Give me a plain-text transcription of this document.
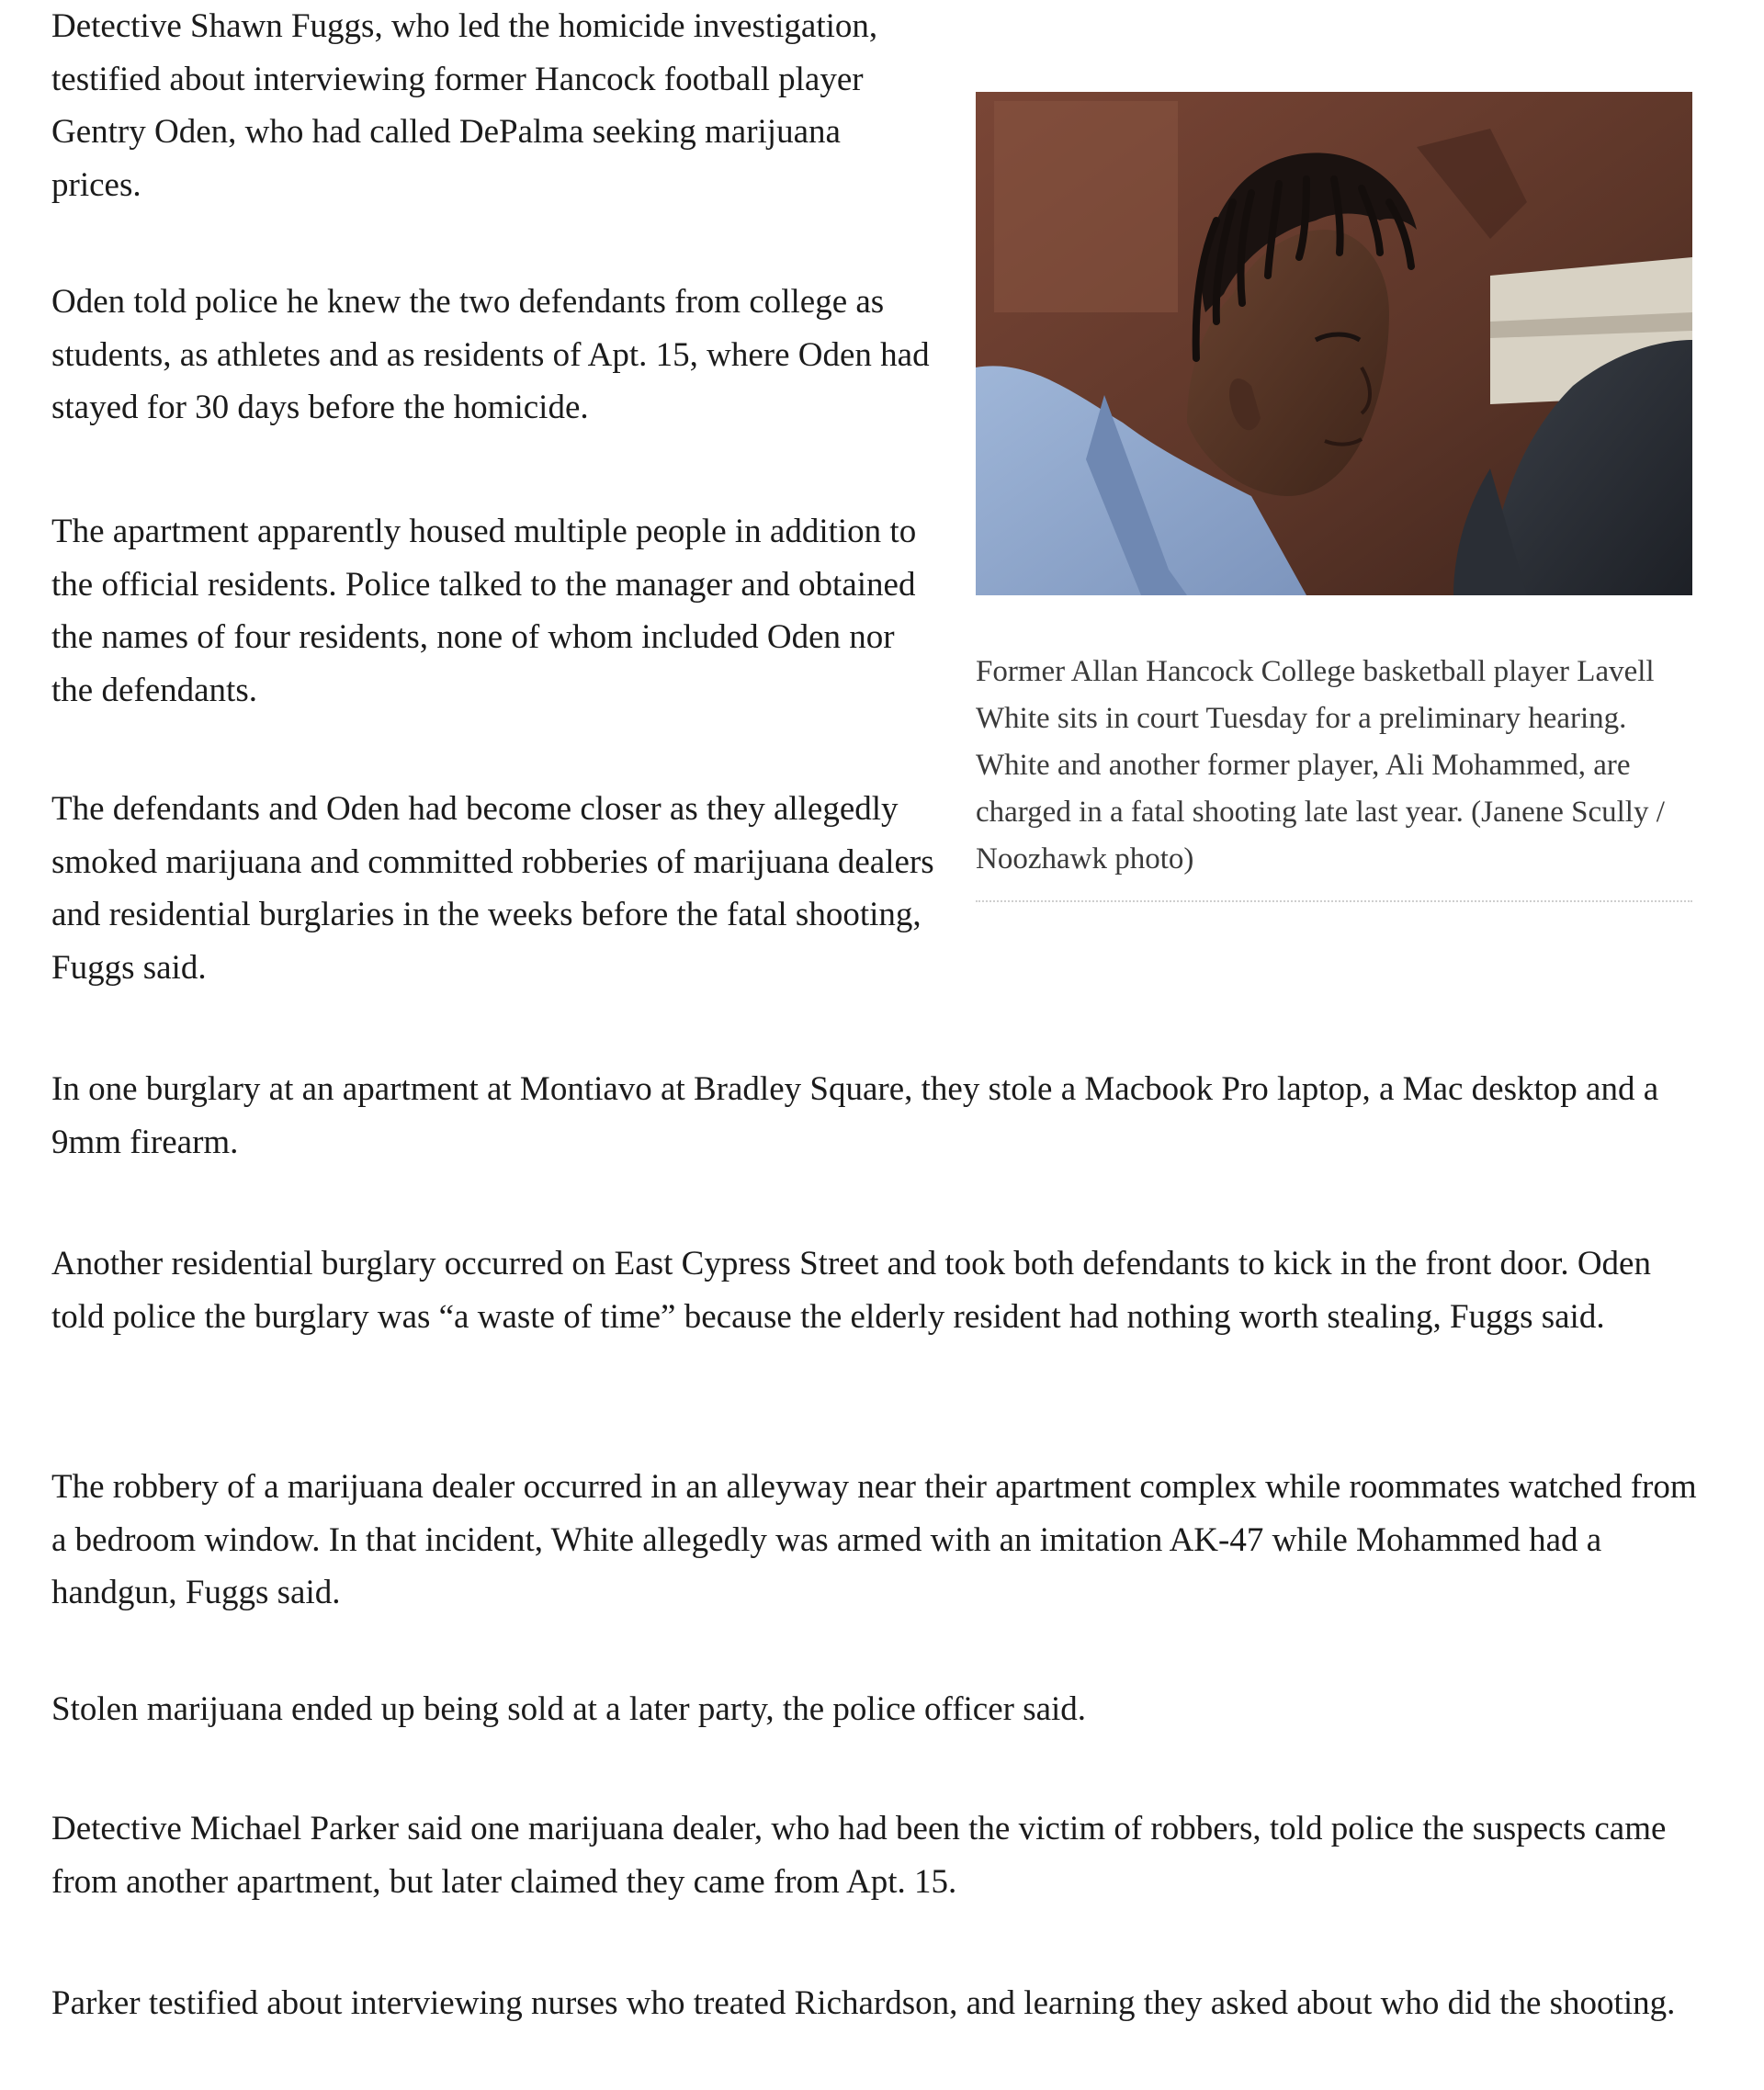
Detective Shawn Fuggs, who led the homicide investigation, testified about interviewing former Hancock football player Gentry Oden, who had called DePalma seeking marijuana prices.

Oden told police he knew the two defendants from college as students, as athletes and as residents of Apt. 15, where Oden had stayed for 30 days before the homicide.

The apartment apparently housed multiple people in addition to the official residents. Police talked to the manager and obtained the names of four residents, none of whom included Oden nor the defendants.

The defendants and Oden had become closer as they allegedly smoked marijuana and committed robberies of marijuana dealers and residential burglaries in the weeks before the fatal shooting, Fuggs said.

In one burglary at an apartment at Montiavo at Bradley Square, they stole a Macbook Pro laptop, a Mac desktop and a 9mm firearm.

Another residential burglary occurred on East Cypress Street and took both defendants to kick in the front door. Oden told police the burglary was “a waste of time” because the elderly resident had nothing worth stealing, Fuggs said.

The robbery of a marijuana dealer occurred in an alleyway near their apartment complex while roommates watched from a bedroom window. In that incident, White allegedly was armed with an imitation AK-47 while Mohammed had a handgun, Fuggs said.

Stolen marijuana ended up being sold at a later party, the police officer said.

Detective Michael Parker said one marijuana dealer, who had been the victim of robbers, told police the suspects came from another apartment, but later claimed they came from Apt. 15.

Parker testified about interviewing nurses who treated Richardson, and learning they asked about who did the shooting.

Former Allan Hancock College basketball player Lavell White sits in court Tuesday for a preliminary hearing. White and another former player, Ali Mohammed, are charged in a fatal shooting late last year. (Janene Scully / Noozhawk photo)
